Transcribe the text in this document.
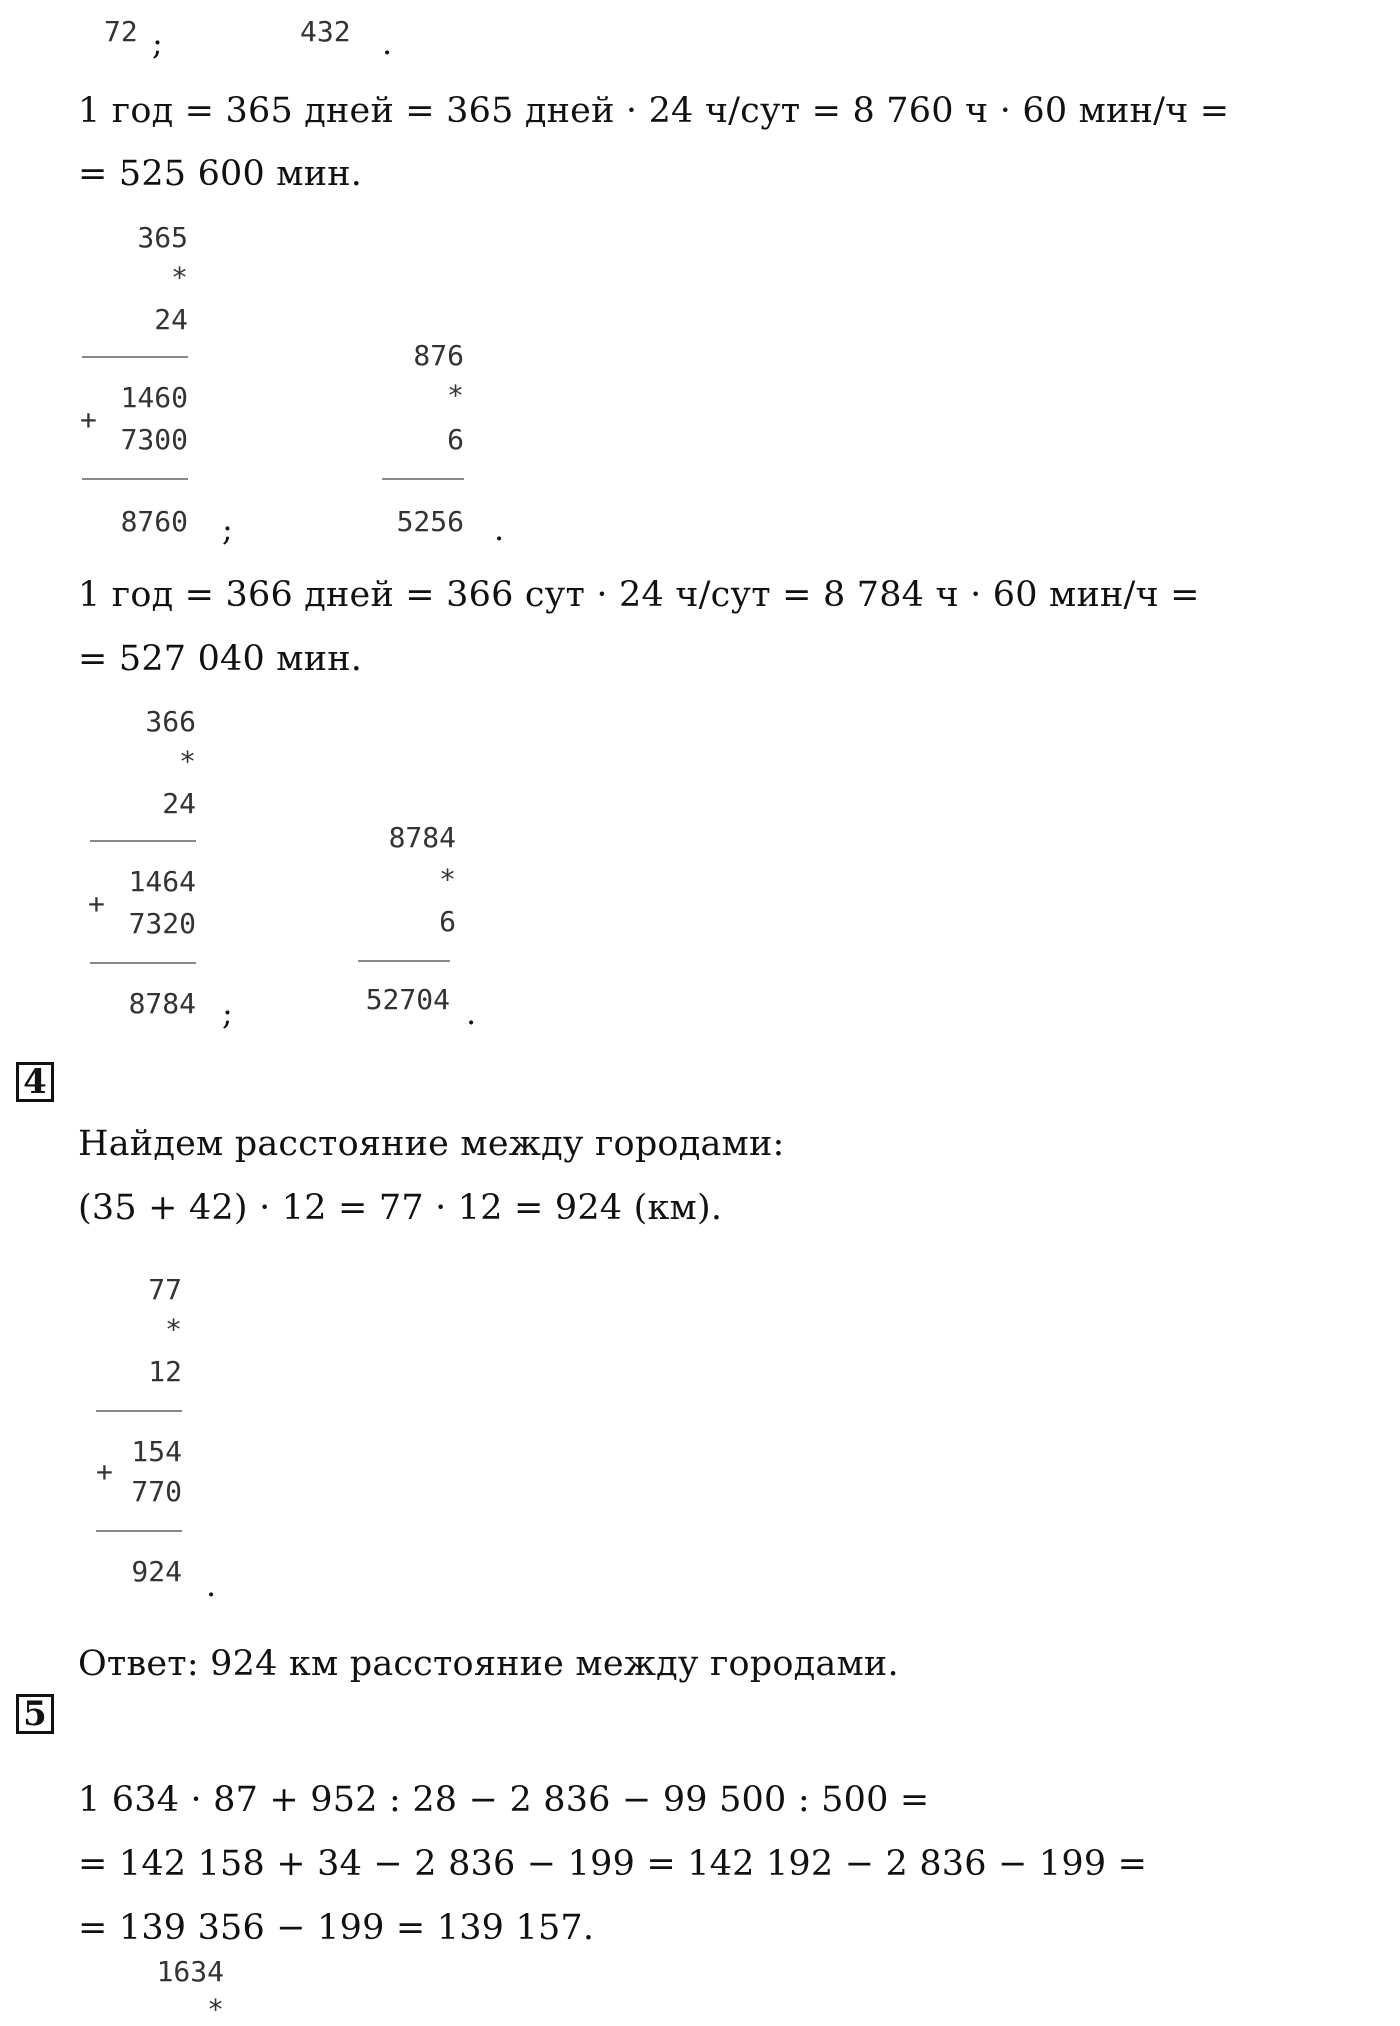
72 ;	432 .
1 год = 365 дней = 365 дней · 24 ч/сут = 8 760 ч · 60 мин/ч =
= 525 600 мин.
365
*
24
+
1460
7300
8760 ;
876
*
6
5256 .
1 год = 366 дней = 366 сут · 24 ч/сут = 8 784 ч · 60 мин/ч =
= 527 040 мин.
366
*
24
+
1464
7320
8784 ;
8784
*
6
52704 .
4
Найдем расстояние между городами:
(35 + 42) · 12 = 77 · 12 = 924 (км).
77
*
12
+
154
770
924 .
Ответ: 924 км расстояние между городами.
5
1 634 · 87 + 952 : 28 − 2 836 − 99 500 : 500 =
= 142 158 + 34 − 2 836 − 199 = 142 192 − 2 836 − 199 =
= 139 356 − 199 = 139 157.
1634
*
